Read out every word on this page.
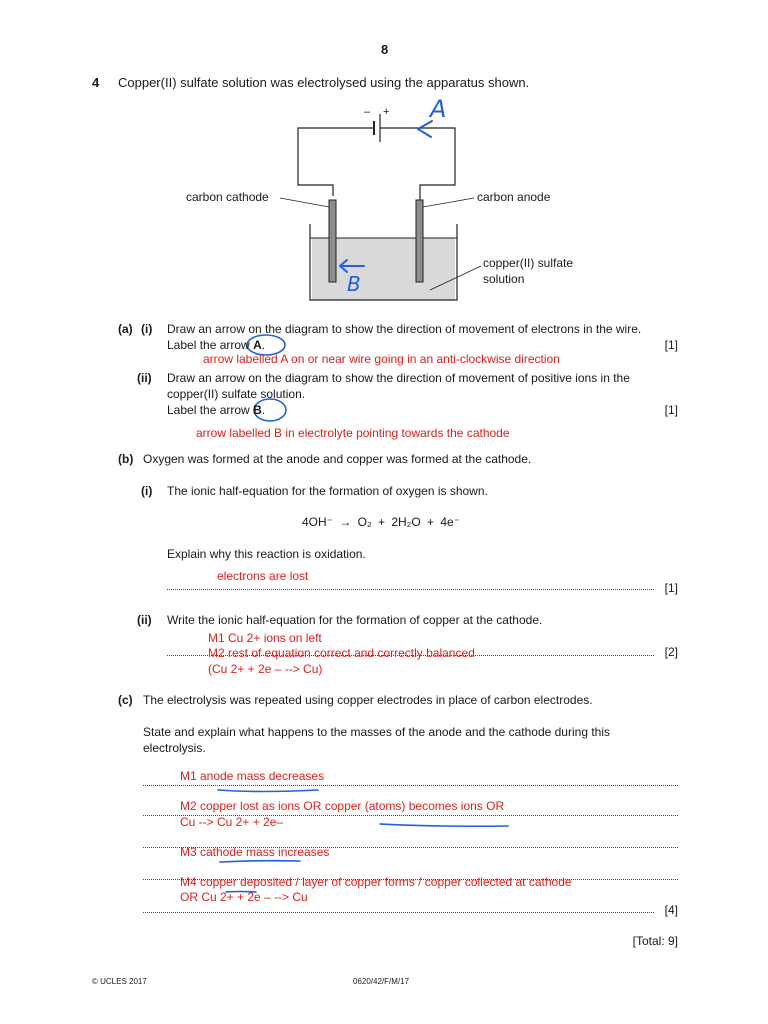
8
4 Copper(II) sulfate solution was electrolysed using the apparatus shown.
– +
carbon cathode	carbon anode
copper(II) sulfate
solution
A
B
(a) (i) Draw an arrow on the diagram to show the direction of movement of electrons in the wire.
Label the arrow A.	[1]
arrow labelled A on or near wire going in an anti-clockwise direction
(ii) Draw an arrow on the diagram to show the direction of movement of positive ions in the
copper(II) sulfate solution.
Label the arrow B.	[1]
arrow labelled B in electrolyte pointing towards the cathode
(b) Oxygen was formed at the anode and copper was formed at the cathode.
(i) The ionic half-equation for the formation of oxygen is shown.
4OH⁻ → O₂ + 2H₂O + 4e⁻
Explain why this reaction is oxidation.
electrons are lost
[1]
(ii) Write the ionic half-equation for the formation of copper at the cathode.
M1 Cu 2+ ions on left
M2 rest of equation correct and correctly balanced
(Cu 2+ + 2e – --> Cu)
[2]
(c) The electrolysis was repeated using copper electrodes in place of carbon electrodes.
State and explain what happens to the masses of the anode and the cathode during this
electrolysis.
M1 anode mass decreases
M2 copper lost as ions OR copper (atoms) becomes ions OR
Cu --> Cu 2+ + 2e–
M3 cathode mass increases
M4 copper deposited / layer of copper forms / copper collected at cathode
OR Cu 2+ + 2e – --> Cu
[4]
[Total: 9]
© UCLES 2017	0620/42/F/M/17
